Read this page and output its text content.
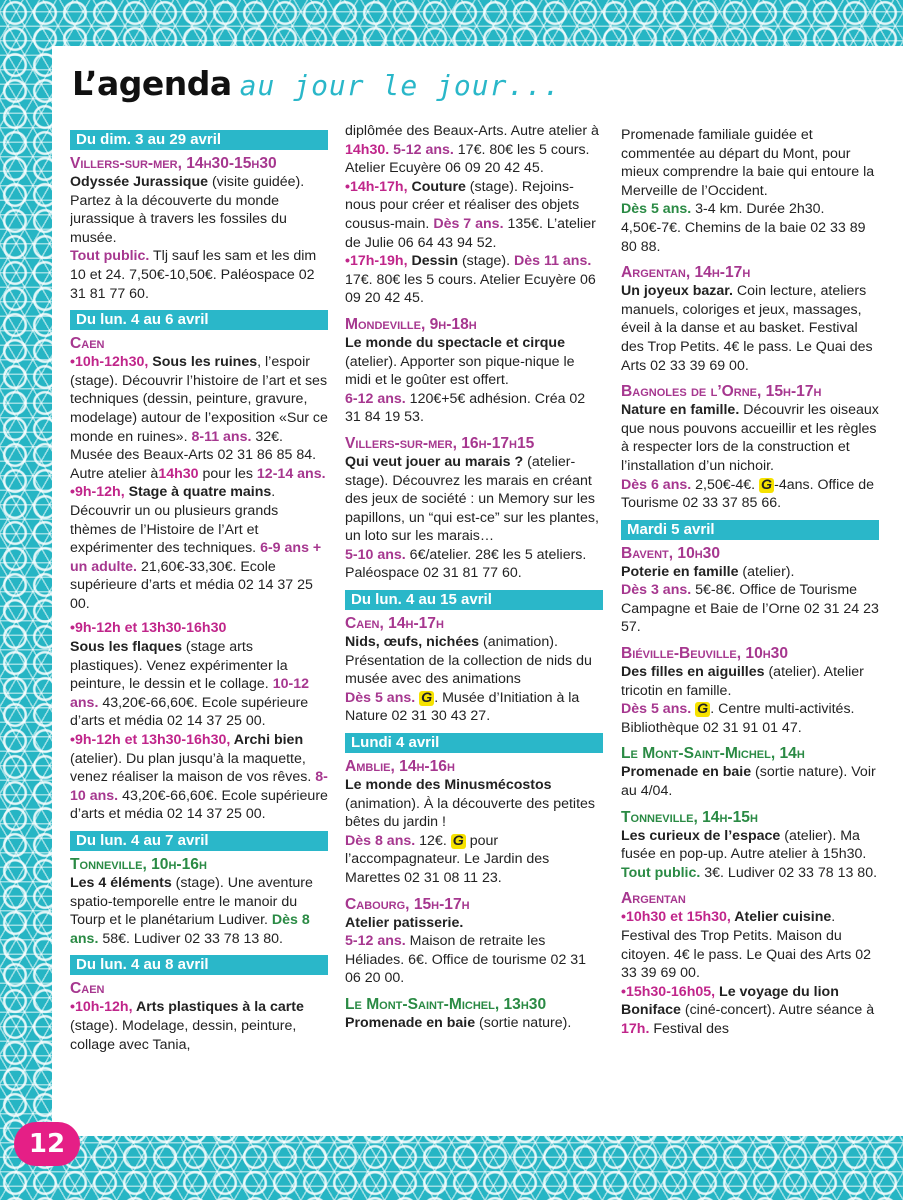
L’agenda au jour le jour...
Du dim. 3 au 29 avril
Villers-sur-mer, 14h30-15h30

Odyssée Jurassique (visite guidée). Partez à la découverte du monde jurassique à travers les fossiles du musée.
Tout public. Tlj sauf les sam et les dim 10 et 24. 7,50€-10,50€. Paléospace 02 31 81 77 60.

Du lun. 4 au 6 avril
Caen

•10h-12h30, Sous les ruines, l’espoir (stage). Découvrir l’histoire de l’art et ses techniques (dessin, peinture, gravure, modelage) autour de l’exposition «Sur ce monde en ruines». 8-11 ans. 32€. Musée des Beaux-Arts 02 31 86 85 84. Autre atelier à14h30 pour les 12-14 ans.

•9h-12h, Stage à quatre mains. Découvrir un ou plusieurs grands thèmes de l’Histoire de l’Art et expérimenter des techniques. 6-9 ans + un adulte. 21,60€-33,30€. Ecole supérieure d’arts et média 02 14 37 25 00.

•9h-12h et 13h30-16h30
Sous les flaques (stage arts plastiques). Venez expérimenter la peinture, le dessin et le collage. 10-12 ans. 43,20€-66,60€. Ecole supérieure d’arts et média 02 14 37 25 00.

•9h-12h et 13h30-16h30, Archi bien (atelier). Du plan jusqu’à la maquette, venez réaliser la maison de vos rêves. 8-10 ans. 43,20€-66,60€. Ecole supérieure d’arts et média 02 14 37 25 00.

Du lun. 4 au 7 avril
Tonneville, 10h-16h

Les 4 éléments (stage). Une aventure spatio-temporelle entre le manoir du Tourp et le planétarium Ludiver. Dès 8 ans. 58€. Ludiver 02 33 78 13 80.

Du lun. 4 au 8 avril
Caen

•10h-12h, Arts plastiques à la carte (stage). Modelage, dessin, peinture, collage avec Tania,

diplômée des Beaux-Arts. Autre atelier à 14h30. 5-12 ans. 17€. 80€ les 5 cours. Atelier Ecuyère 06 09 20 42 45.

•14h-17h, Couture (stage). Rejoins-nous pour créer et réaliser des objets cousus-main. Dès 7 ans. 135€. L’atelier de Julie 06 64 43 94 52.

•17h-19h, Dessin (stage). Dès 11 ans. 17€. 80€ les 5 cours. Atelier Ecuyère 06 09 20 42 45.

Mondeville, 9h-18h

Le monde du spectacle et cirque (atelier). Apporter son pique-nique le midi et le goûter est offert.
6-12 ans. 120€+5€ adhésion. Créa 02 31 84 19 53.

Villers-sur-mer, 16h-17h15

Qui veut jouer au marais ? (atelier-stage). Découvrez les marais en créant des jeux de société : un Memory sur les papillons, un “qui est-ce” sur les plantes, un loto sur les marais…
5-10 ans. 6€/atelier. 28€ les 5 ateliers. Paléospace 02 31 81 77 60.

Du lun. 4 au 15 avril
Caen, 14h-17h

Nids, œufs, nichées (animation). Présentation de la collection de nids du musée avec des animations
Dès 5 ans. G . Musée d’Initiation à la Nature 02 31 30 43 27.

Lundi 4 avril
Amblie, 14h-16h

Le monde des Minusmécostos (animation). À la découverte des petites bêtes du jardin !
Dès 8 ans. 12€. G pour l’accompagnateur. Le Jardin des Marettes 02 31 08 11 23.

Cabourg, 15h-17h

Atelier patisserie.
5-12 ans. Maison de retraite les Héliades. 6€. Office de tourisme 02 31 06 20 00.

Le Mont-Saint-Michel, 13h30

Promenade en baie (sortie nature).

Promenade familiale guidée et commentée au départ du Mont, pour mieux comprendre la baie qui entoure la Merveille de l’Occident.
Dès 5 ans. 3-4 km. Durée 2h30. 4,50€-7€. Chemins de la baie 02 33 89 80 88.

Argentan, 14h-17h

Un joyeux bazar. Coin lecture, ateliers manuels, coloriges et jeux, massages, éveil à la danse et au basket. Festival des Trop Petits. 4€ le pass. Le Quai des Arts 02 33 39 69 00.

Bagnoles de l’Orne, 15h-17h

Nature en famille. Découvrir les oiseaux que nous pouvons accueillir et les règles à respecter lors de la construction et l’installation d’un nichoir.
Dès 6 ans. 2,50€-4€. G -4ans. Office de Tourisme 02 33 37 85 66.

Mardi 5 avril
Bavent, 10h30

Poterie en famille (atelier).
Dès 3 ans. 5€-8€. Office de Tourisme Campagne et Baie de l’Orne 02 31 24 23 57.

Biéville-Beuville, 10h30

Des filles en aiguilles (atelier). Atelier tricotin en famille.
Dès 5 ans. G . Centre multi-activités. Bibliothèque 02 31 91 01 47.

Le Mont-Saint-Michel, 14h

Promenade en baie (sortie nature). Voir au 4/04.

Tonneville, 14h-15h

Les curieux de l’espace (atelier). Ma fusée en pop-up. Autre atelier à 15h30.
Tout public. 3€. Ludiver 02 33 78 13 80.

Argentan

•10h30 et 15h30, Atelier cuisine. Festival des Trop Petits. Maison du citoyen. 4€ le pass. Le Quai des Arts 02 33 39 69 00.

•15h30-16h05, Le voyage du lion Boniface (ciné-concert). Autre séance à 17h. Festival des

12
